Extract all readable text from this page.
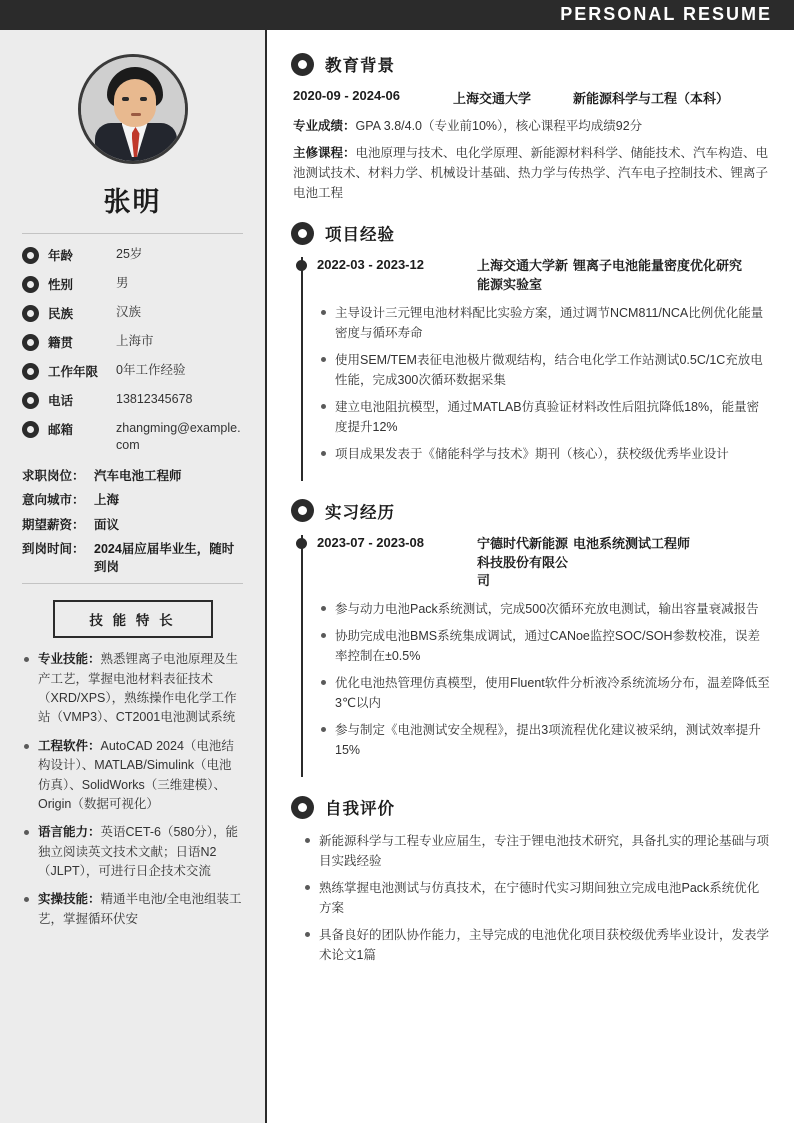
PERSONAL RESUME
张明
年龄	25岁
性别	男
民族	汉族
籍贯	上海市
工作年限	0年工作经验
电话	13812345678
邮箱	zhangming@example.com
求职岗位： 汽车电池工程师
意向城市： 上海
期望薪资： 面议
到岗时间： 2024届应届毕业生，随时到岗
技 能 特 长
专业技能：熟悉锂离子电池原理及生产工艺，掌握电池材料表征技术（XRD/XPS），熟练操作电化学工作站（VMP3）、CT2001电池测试系统
工程软件：AutoCAD 2024（电池结构设计）、MATLAB/Simulink（电池仿真）、SolidWorks（三维建模）、Origin（数据可视化）
语言能力：英语CET-6（580分），能独立阅读英文技术文献；日语N2（JLPT），可进行日企技术交流
实操技能：精通半电池/全电池组装工艺，掌握循环伏安
教育背景
2020-09 - 2024-06	上海交通大学	新能源科学与工程（本科）

专业成绩：GPA 3.8/4.0（专业前10%），核心课程平均成绩92分

主修课程：电池原理与技术、电化学原理、新能源材料科学、储能技术、汽车构造、电池测试技术、材料力学、机械设计基础、热力学与传热学、汽车电子控制技术、锂离子电池工程

项目经验
2022-03 - 2023-12	上海交通大学新能源实验室
锂离子电池能量密度优化研究
主导设计三元锂电池材料配比实验方案，通过调节NCM811/NCA比例优化能量密度与循环寿命
使用SEM/TEM表征电池极片微观结构，结合电化学工作站测试0.5C/1C充放电性能，完成300次循环数据采集
建立电池阻抗模型，通过MATLAB仿真验证材料改性后阻抗降低18%，能量密度提升12%
项目成果发表于《储能科学与技术》期刊（核心），获校级优秀毕业设计
实习经历
2023-07 - 2023-08	宁德时代新能源科技股份有限公司
电池系统测试工程师
参与动力电池Pack系统测试，完成500次循环充放电测试，输出容量衰减报告
协助完成电池BMS系统集成调试，通过CANoe监控SOC/SOH参数校准，误差率控制在±0.5%
优化电池热管理仿真模型，使用Fluent软件分析液冷系统流场分布，温差降低至3℃以内
参与制定《电池测试安全规程》，提出3项流程优化建议被采纳，测试效率提升15%
自我评价
新能源科学与工程专业应届生，专注于锂电池技术研究，具备扎实的理论基础与项目实践经验
熟练掌握电池测试与仿真技术，在宁德时代实习期间独立完成电池Pack系统优化方案
具备良好的团队协作能力，主导完成的电池优化项目获校级优秀毕业设计，发表学术论文1篇
